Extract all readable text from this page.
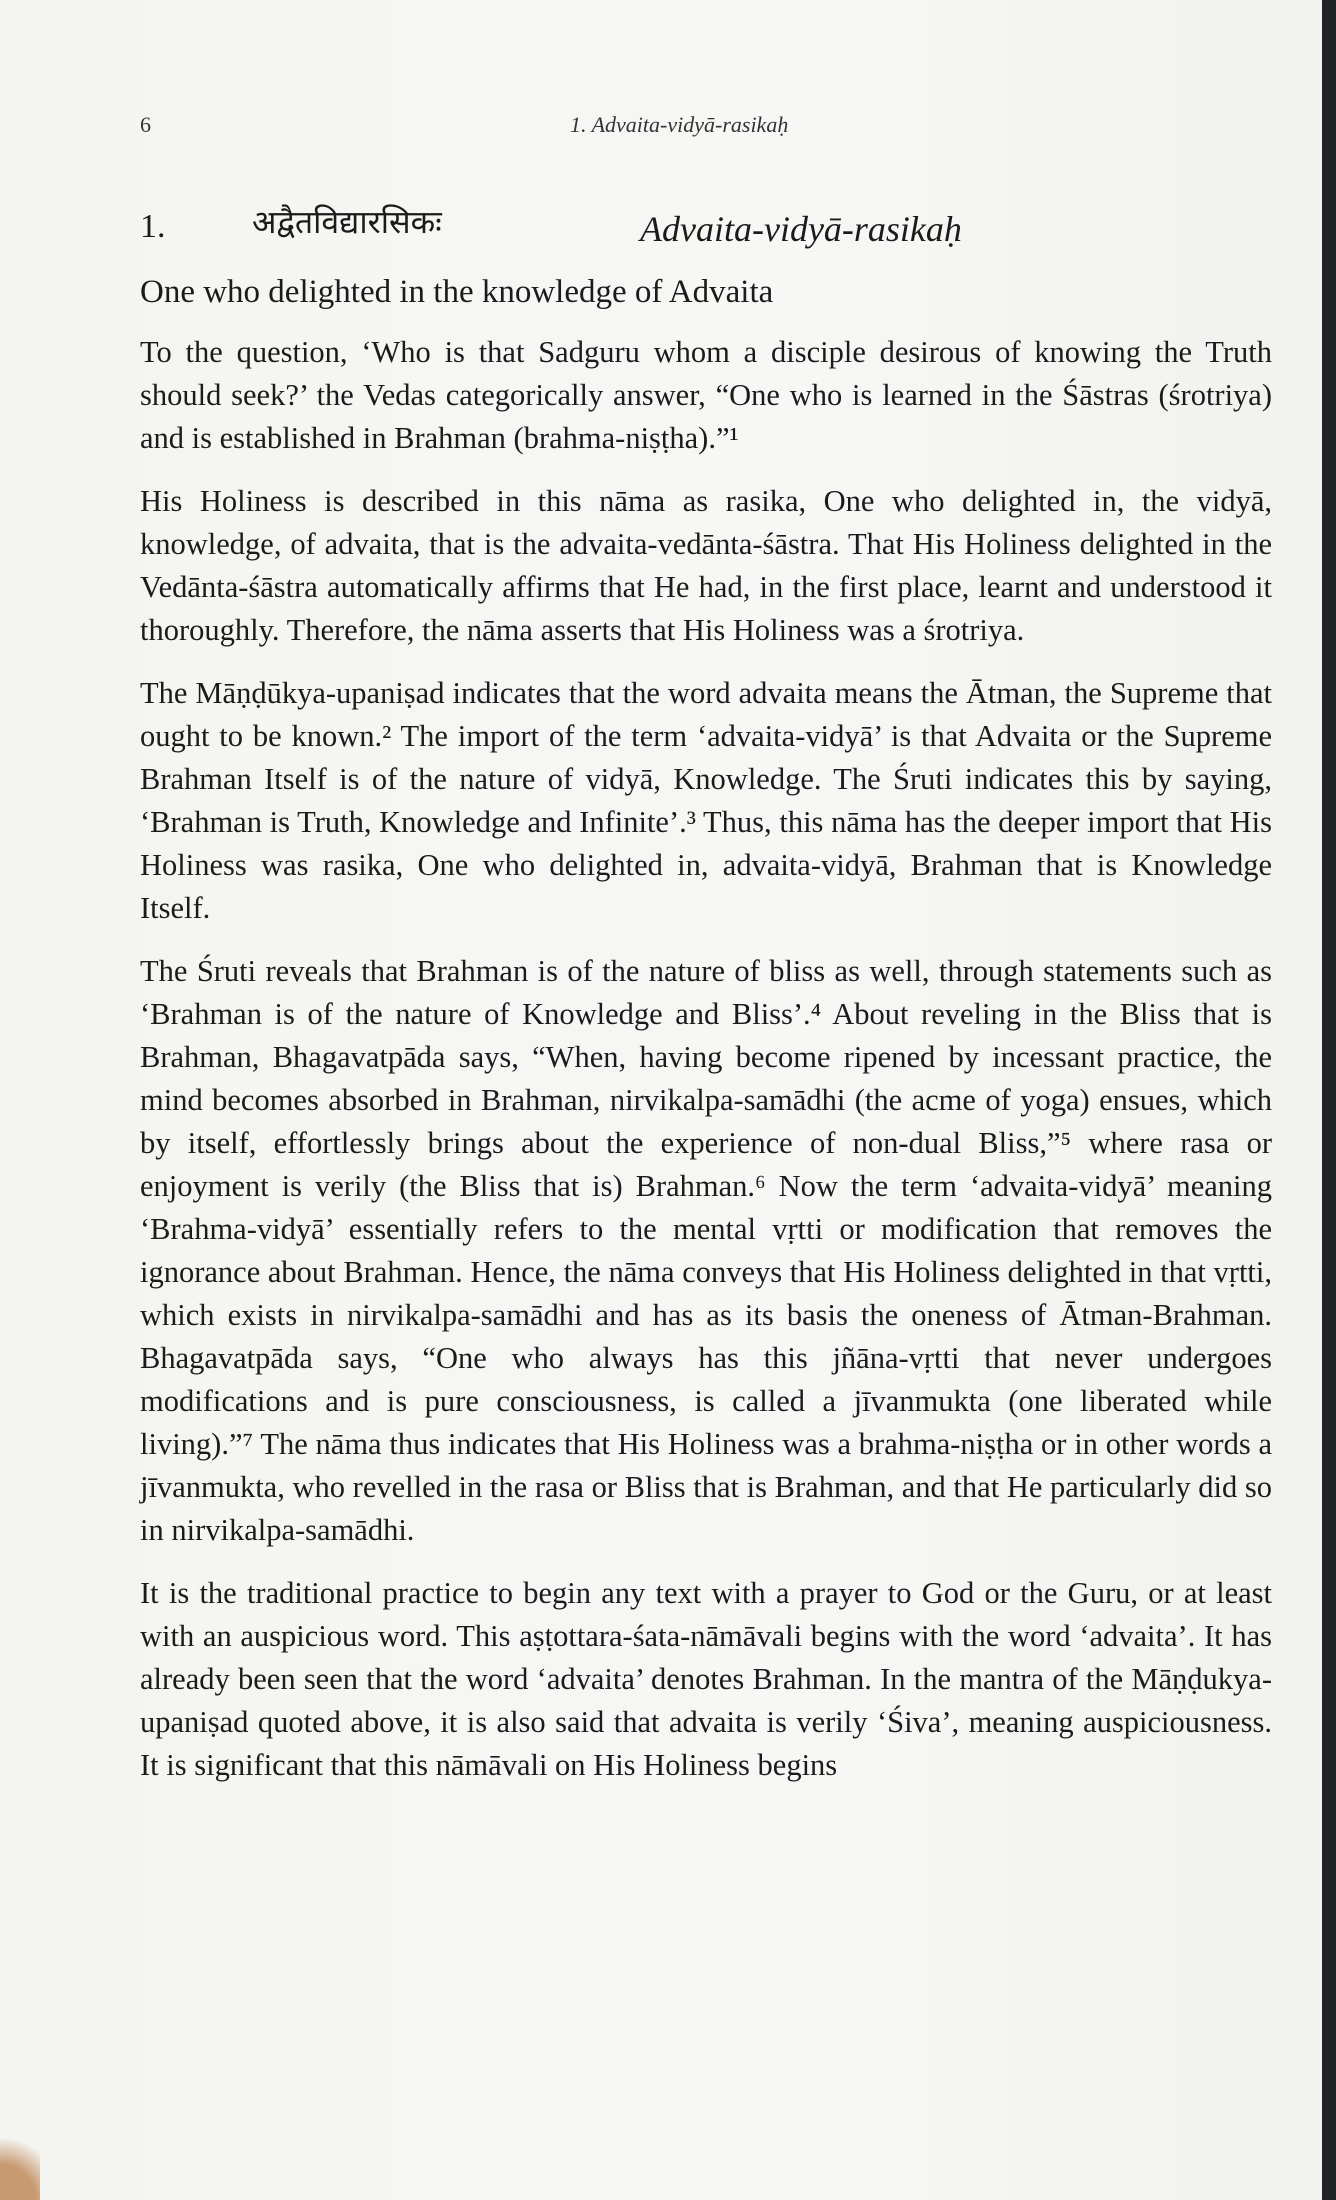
6	1. Advaita-vidyā-rasikaḥ
1.	अद्वैतविद्यारसिकः	Advaita-vidyā-rasikaḥ
One who delighted in the knowledge of Advaita

To the question, ‘Who is that Sadguru whom a disciple desirous of knowing the Truth should seek?’ the Vedas categorically answer, “One who is learned in the Śāstras (śrotriya) and is established in Brahman (brahma-niṣṭha).”¹

His Holiness is described in this nāma as rasika, One who delighted in, the vidyā, knowledge, of advaita, that is the advaita-vedānta-śāstra. That His Holiness delighted in the Vedānta-śāstra automatically affirms that He had, in the first place, learnt and understood it thoroughly. Therefore, the nāma asserts that His Holiness was a śrotriya.

The Māṇḍūkya-upaniṣad indicates that the word advaita means the Ātman, the Supreme that ought to be known.² The import of the term ‘advaita-vidyā’ is that Advaita or the Supreme Brahman Itself is of the nature of vidyā, Knowledge. The Śruti indicates this by saying, ‘Brahman is Truth, Knowledge and Infinite’.³ Thus, this nāma has the deeper import that His Holiness was rasika, One who delighted in, advaita-vidyā, Brahman that is Knowledge Itself.

The Śruti reveals that Brahman is of the nature of bliss as well, through statements such as ‘Brahman is of the nature of Knowledge and Bliss’.⁴ About reveling in the Bliss that is Brahman, Bhagavatpāda says, “When, having become ripened by incessant practice, the mind becomes absorbed in Brahman, nirvikalpa-samādhi (the acme of yoga) ensues, which by itself, effortlessly brings about the experience of non-dual Bliss,”⁵ where rasa or enjoyment is verily (the Bliss that is) Brahman.⁶ Now the term ‘advaita-vidyā’ meaning ‘Brahma-vidyā’ essentially refers to the mental vṛtti or modification that removes the ignorance about Brahman. Hence, the nāma conveys that His Holiness delighted in that vṛtti, which exists in nirvikalpa-samādhi and has as its basis the oneness of Ātman-Brahman. Bhagavatpāda says, “One who always has this jñāna-vṛtti that never undergoes modifications and is pure consciousness, is called a jīvanmukta (one liberated while living).”⁷ The nāma thus indicates that His Holiness was a brahma-niṣṭha or in other words a jīvanmukta, who revelled in the rasa or Bliss that is Brahman, and that He particularly did so in nirvikalpa-samādhi.

It is the traditional practice to begin any text with a prayer to God or the Guru, or at least with an auspicious word. This aṣṭottara-śata-nāmāvali begins with the word ‘advaita’. It has already been seen that the word ‘advaita’ denotes Brahman. In the mantra of the Māṇḍukya-upaniṣad quoted above, it is also said that advaita is verily ‘Śiva’, meaning auspiciousness. It is significant that this nāmāvali on His Holiness begins
